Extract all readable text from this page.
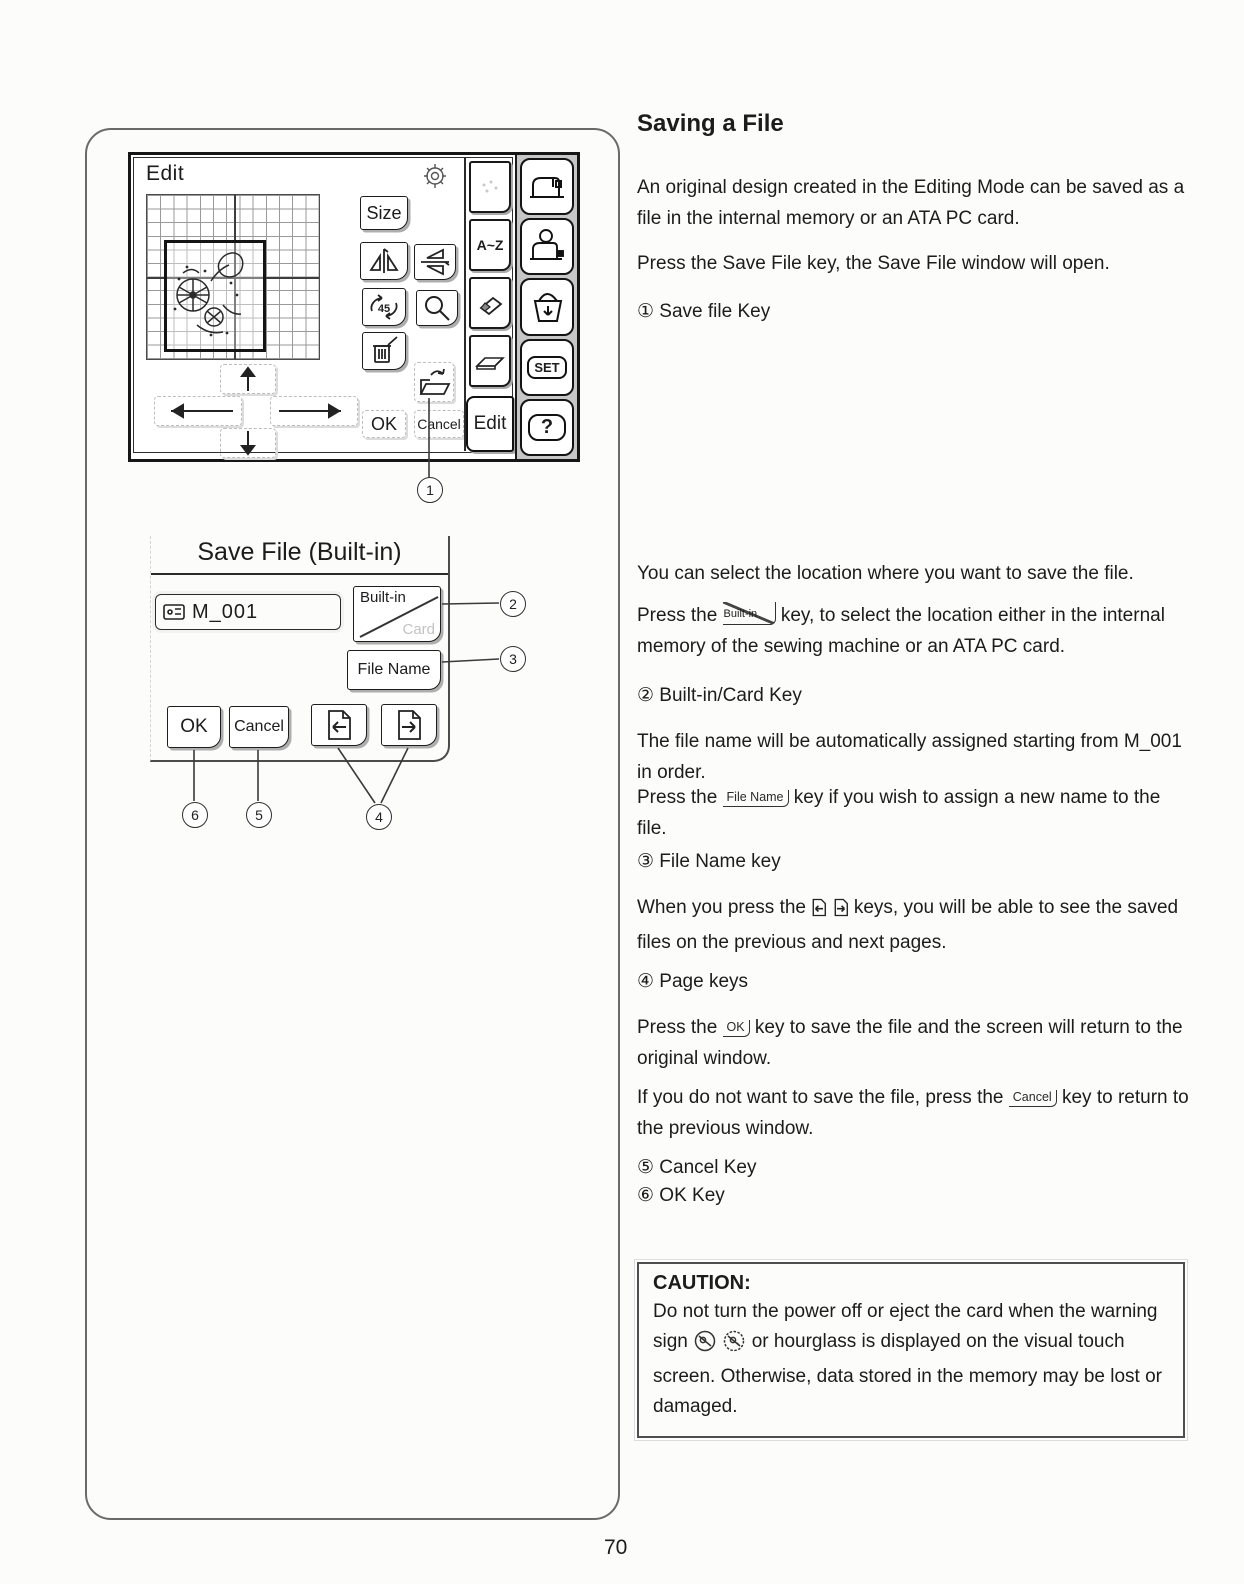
Edit
Size
45
OK Cancel
A~Z
Edit
SET
?
Save File (Built-in)
M_001
Built-in
Card
File Name
OK Cancel
1
2
3
6	5	4
Saving a File

An original design created in the Editing Mode can be saved as a file in the internal memory or an ATA PC card.

Press the Save File key, the Save File window will open.

① Save file Key

You can select the location where you want to save the file.

Press the Built-in key, to select the location either in the internal memory of the sewing machine or an ATA PC card.

② Built-in/Card Key

The file name will be automatically assigned starting from M_001 in order.

Press the File Name key if you wish to assign a new name to the file.

③ File Name key

When you press the	keys, you will be able to see the saved files on the previous and next pages.

④ Page keys

Press the OK key to save the file and the screen will return to the original window.

If you do not want to save the file, press the Cancel key to return to the previous window.

⑤ Cancel Key

⑥ OK Key

CAUTION:

Do not turn the power off or eject the card when the warning sign	or hourglass is displayed on the visual touch screen. Otherwise, data stored in the memory may be lost or damaged.

70
